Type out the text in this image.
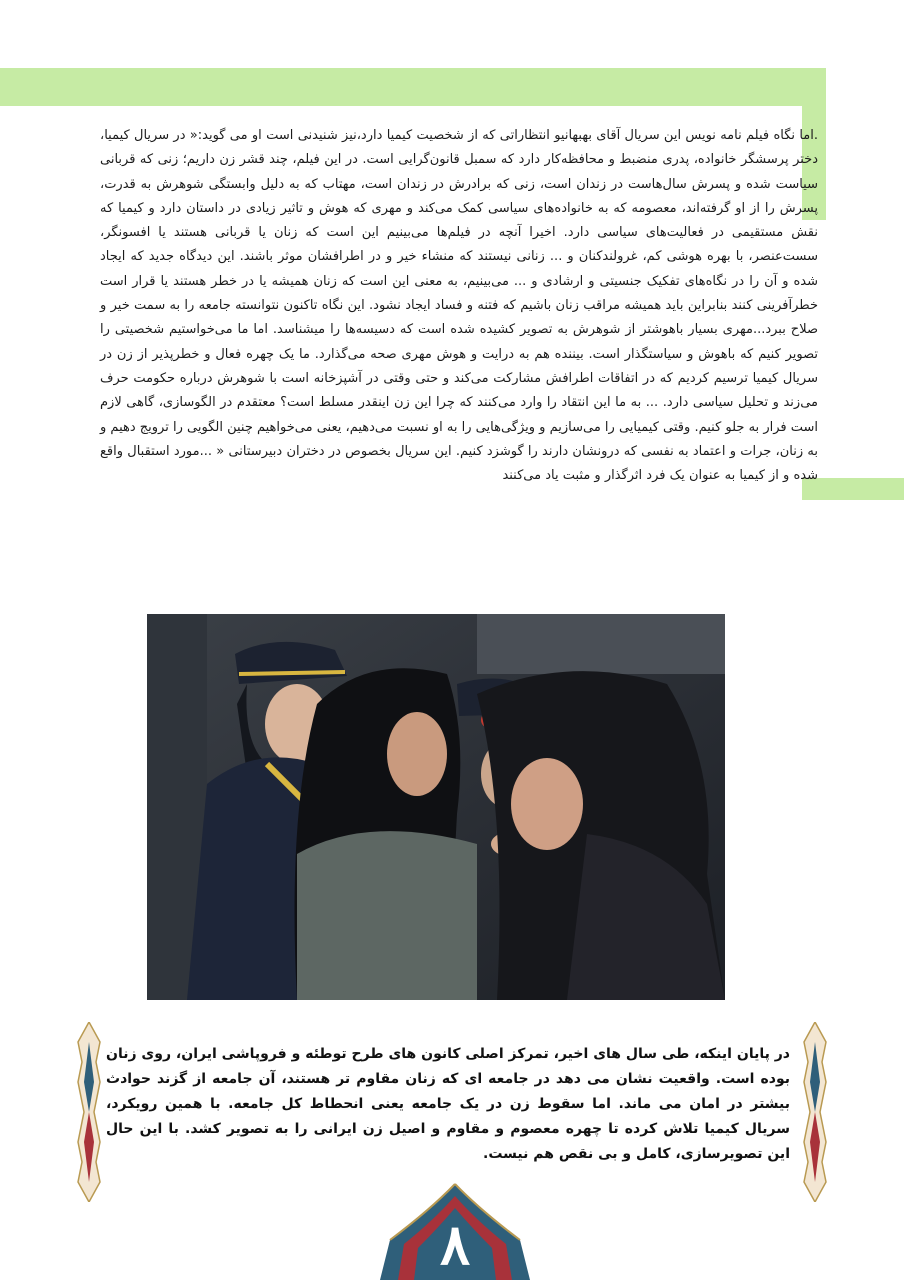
.اما نگاه فیلم نامه نویس این سریال آقای بهبهانیو انتظاراتی که از شخصیت کیمیا دارد،نیز شنیدنی است او می گوید:« در سریال کیمیا، دختر پرسشگر خانواده، پدری منضبط و محافظه‌کار دارد که سمبل قانون‌گرایی است. در این فیلم، چند قشر زن داریم؛ زنی که قربانی سیاست شده و پسرش سال‌هاست در زندان است، زنی که برادرش در زندان است، مهتاب که به دلیل وابستگی شوهرش به قدرت، پسرش را از او گرفته‌اند، معصومه که به خانواده‌های سیاسی کمک می‌کند و مهری که هوش و تاثیر زیادی در داستان دارد و کیمیا که نقش مستقیمی در فعالیت‌های سیاسی دارد. اخیرا آنچه در فیلم‌ها می‌بینیم این است که زنان یا قربانی هستند یا افسونگر، سست‌عنصر، با بهره هوشی کم، غرولندکنان و ... زنانی نیستند که منشاء خیر و در اطرافشان موثر باشند. این دیدگاه جدید که ایجاد شده و آن را در نگاه‌های تفکیک جنسیتی و ارشادی و ... می‌بینیم، به معنی این است که زنان همیشه یا در خطر هستند یا قرار است خطرآفرینی کنند بنابراین باید همیشه مراقب زنان باشیم که فتنه و فساد ایجاد نشود. این نگاه تاکنون نتوانسته جامعه را به سمت خیر و صلاح ببرد...مهری بسیار باهوشتر از شوهرش به تصویر کشیده شده است که دسیسه‌ها را میشناسد. اما ما می‌خواستیم شخصیتی را تصویر کنیم که باهوش و سیاستگذار است. بیننده هم به درایت و هوش مهری صحه می‌گذارد. ما یک چهره فعال و خطرپذیر از زن در سریال کیمیا ترسیم کردیم که در اتفاقات اطرافش مشارکت می‌کند و حتی وقتی در آشپزخانه است با شوهرش درباره حکومت حرف می‌زند و تحلیل سیاسی دارد. ... به ما این انتقاد را وارد می‌کنند که چرا این زن اینقدر مسلط است؟ معتقدم در الگوسازی، گاهی لازم است فرار به جلو کنیم. وقتی کیمیایی را می‌سازیم و ویژگی‌هایی را به او نسبت می‌دهیم، یعنی می‌خواهیم چنین الگویی را ترویج دهیم و به زنان، جرات و اعتماد به نفسی که درونشان دارند را گوشزد کنیم. این سریال بخصوص در دختران دبیرستانی « ...مورد استقبال واقع شده و از کیمیا به عنوان یک فرد اثرگذار و مثبت یاد می‌کنند

در پایان اینکه، طی سال های اخیر، تمرکز اصلی کانون های طرح توطئه و فروپاشی ایران، روی زنان بوده است. واقعیت نشان می دهد در جامعه ای که زنان مقاوم تر هستند، آن جامعه از گزند حوادث بیشتر در امان می ماند. اما سقوط زن در یک جامعه یعنی انحطاط کل جامعه. با همین رویکرد، سریال کیمیا تلاش کرده تا چهره معصوم و مقاوم و اصیل زن ایرانی را به تصویر کشد. با این حال این تصویرسازی، کامل و بی نقص هم نیست.

۸
